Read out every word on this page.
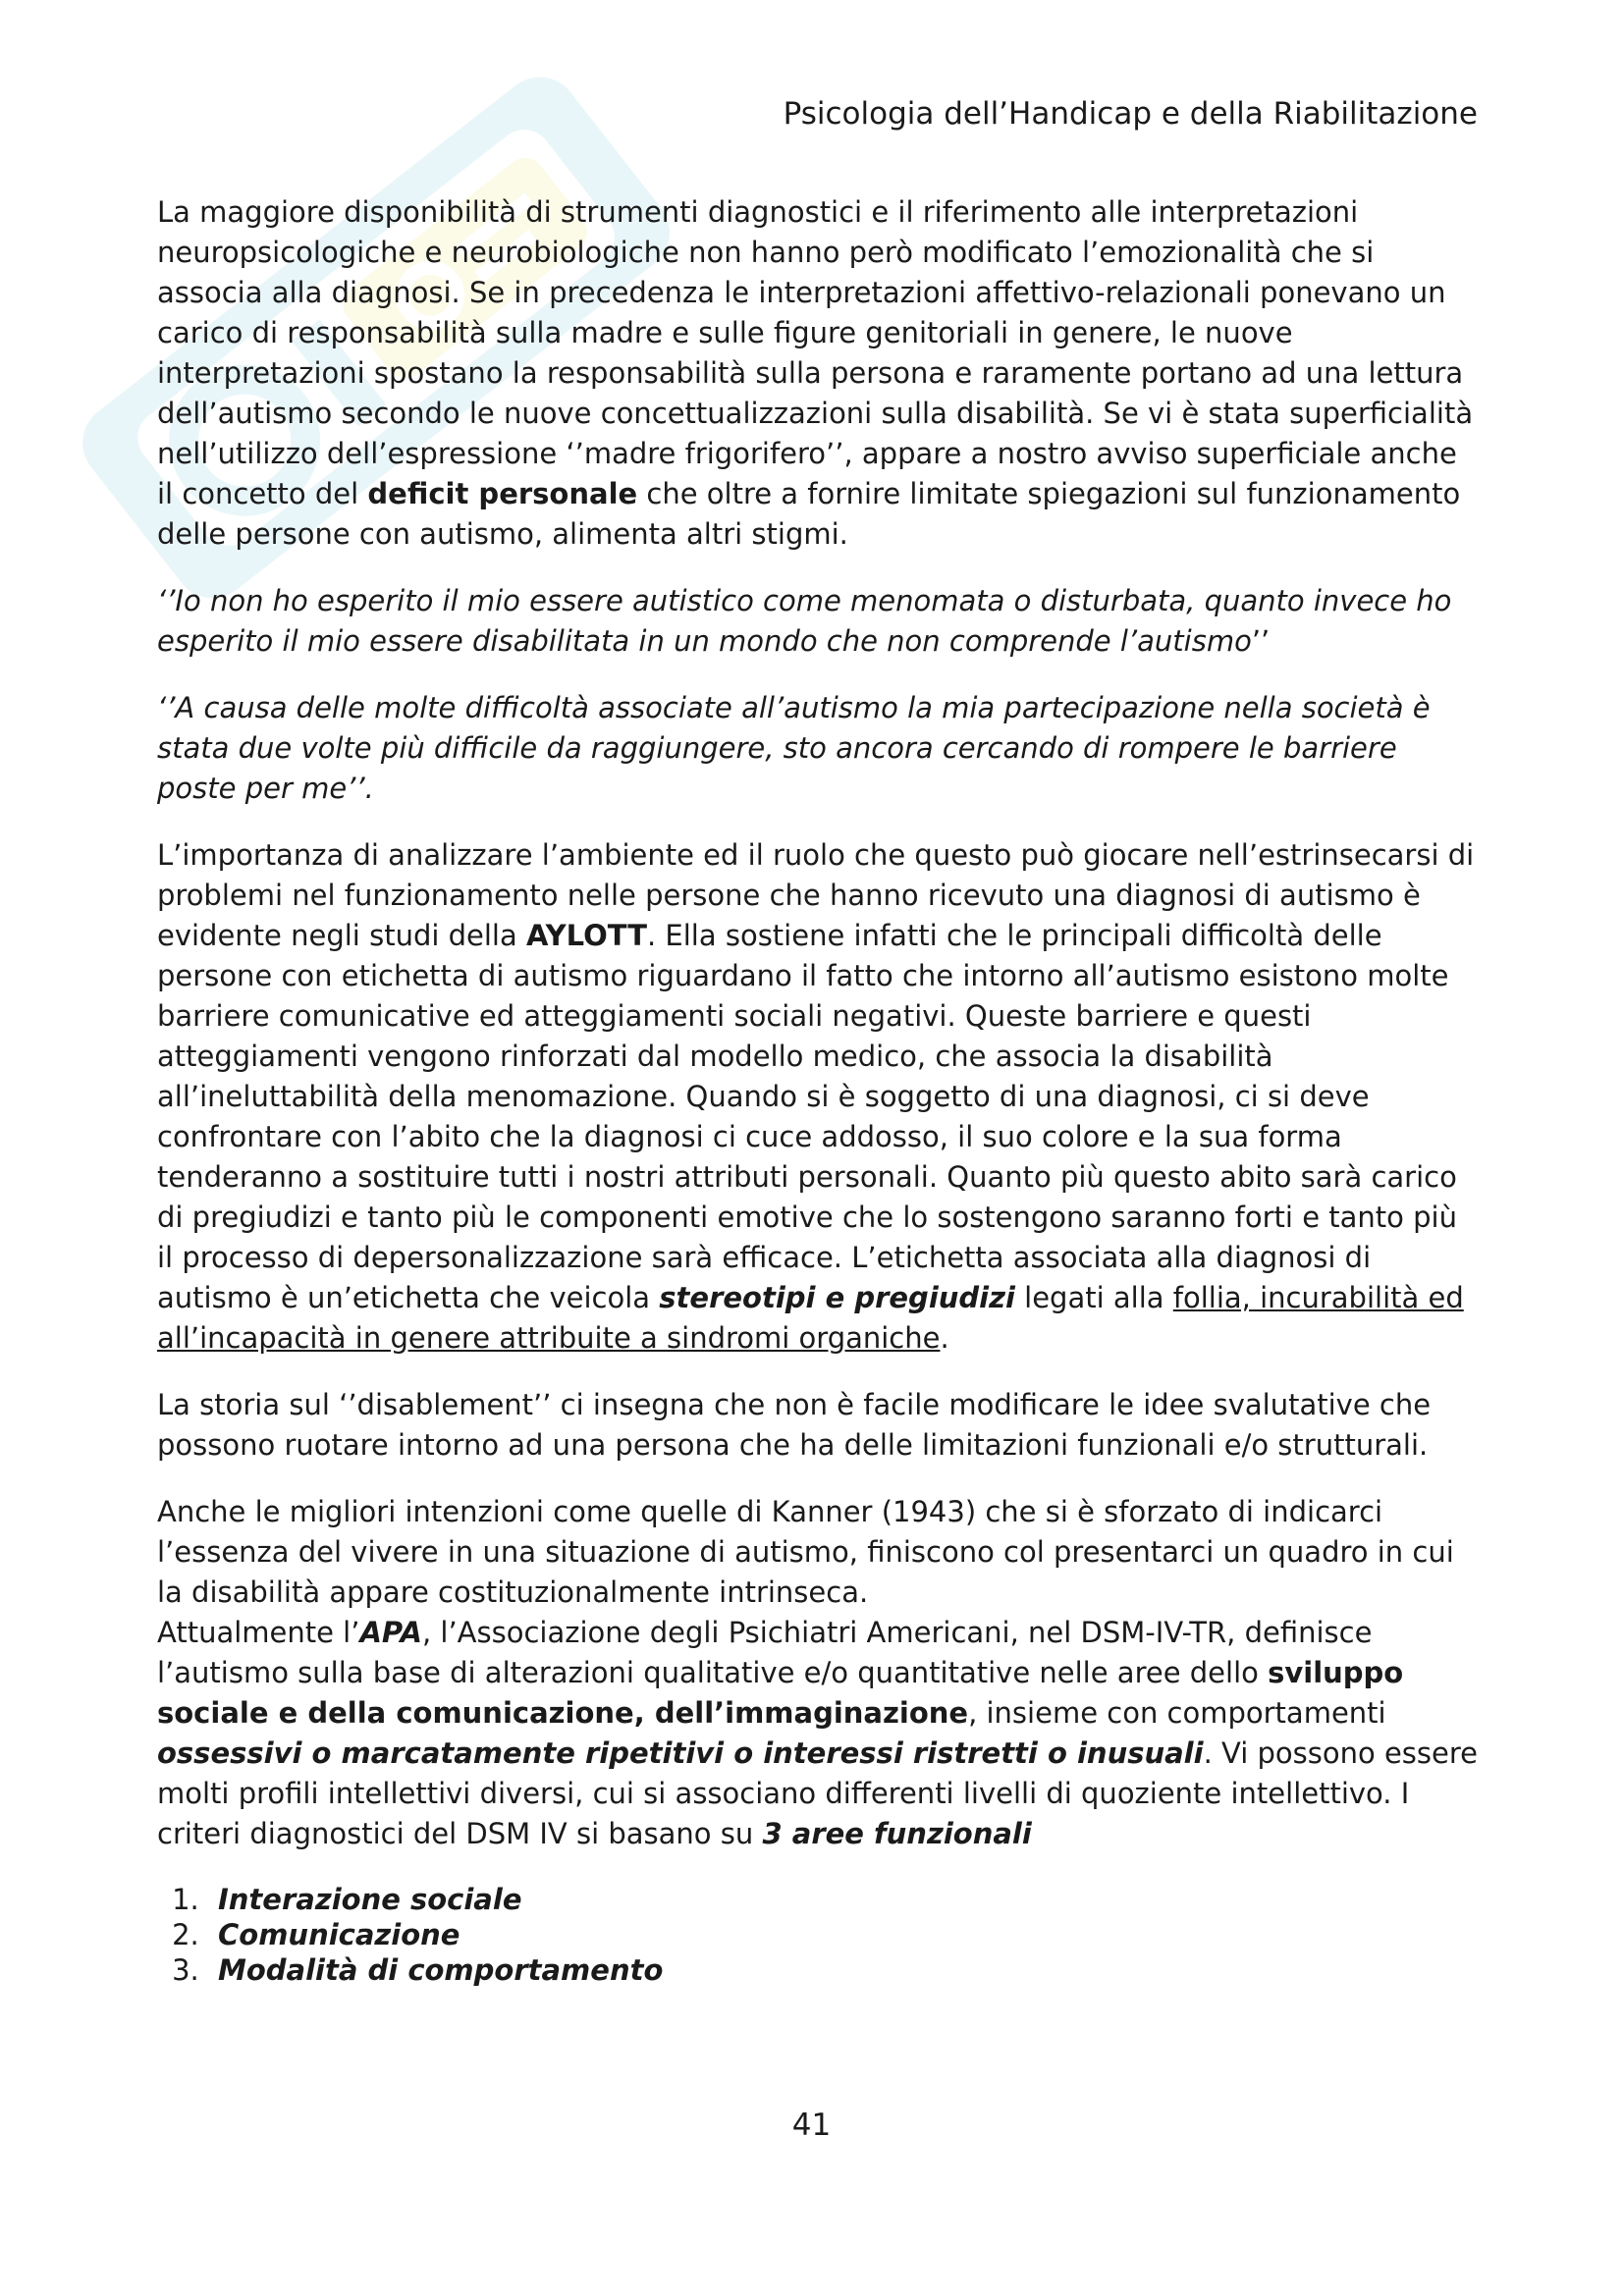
Psicologia dell’Handicap e della Riabilitazione

La maggiore disponibilità di strumenti diagnostici e il riferimento alle interpretazioni neuropsicologiche e neurobiologiche non hanno però modificato l’emozionalità che si associa alla diagnosi. Se in precedenza le interpretazioni affettivo-relazionali ponevano un carico di responsabilità sulla madre e sulle figure genitoriali in genere, le nuove interpretazioni spostano la responsabilità sulla persona e raramente portano ad una lettura dell’autismo secondo le nuove concettualizzazioni sulla disabilità. Se vi è stata superficialità nell’utilizzo dell’espressione ‘’madre frigorifero’’, appare a nostro avviso superficiale anche il concetto del deficit personale che oltre a fornire limitate spiegazioni sul funzionamento delle persone con autismo, alimenta altri stigmi.

‘’Io non ho esperito il mio essere autistico come menomata o disturbata, quanto invece ho esperito il mio essere disabilitata in un mondo che non comprende l’autismo’’

‘’A causa delle molte difficoltà associate all’autismo la mia partecipazione nella società è stata due volte più difficile da raggiungere, sto ancora cercando di rompere le barriere poste per me’’.

L’importanza di analizzare l’ambiente ed il ruolo che questo può giocare nell’estrinsecarsi di problemi nel funzionamento nelle persone che hanno ricevuto una diagnosi di autismo è evidente negli studi della AYLOTT. Ella sostiene infatti che le principali difficoltà delle persone con etichetta di autismo riguardano il fatto che intorno all’autismo esistono molte barriere comunicative ed atteggiamenti sociali negativi. Queste barriere e questi atteggiamenti vengono rinforzati dal modello medico, che associa la disabilità all’ineluttabilità della menomazione. Quando si è soggetto di una diagnosi, ci si deve confrontare con l’abito che la diagnosi ci cuce addosso, il suo colore e la sua forma tenderanno a sostituire tutti i nostri attributi personali. Quanto più questo abito sarà carico di pregiudizi e tanto più le componenti emotive che lo sostengono saranno forti e tanto più il processo di depersonalizzazione sarà efficace. L’etichetta associata alla diagnosi di autismo è un’etichetta che veicola stereotipi e pregiudizi legati alla follia, incurabilità ed all’incapacità in genere attribuite a sindromi organiche.

La storia sul ‘’disablement’’ ci insegna che non è facile modificare le idee svalutative che possono ruotare intorno ad una persona che ha delle limitazioni funzionali e/o strutturali.

Anche le migliori intenzioni come quelle di Kanner (1943) che si è sforzato di indicarci l’essenza del vivere in una situazione di autismo, finiscono col presentarci un quadro in cui la disabilità appare costituzionalmente intrinseca.

Attualmente l’APA, l’Associazione degli Psichiatri Americani, nel DSM-IV-TR, definisce l’autismo sulla base di alterazioni qualitative e/o quantitative nelle aree dello sviluppo sociale e della comunicazione, dell’immaginazione, insieme con comportamenti ossessivi o marcatamente ripetitivi o interessi ristretti o inusuali. Vi possono essere molti profili intellettivi diversi, cui si associano differenti livelli di quoziente intellettivo. I criteri diagnostici del DSM IV si basano su 3 aree funzionali

1. Interazione sociale
2. Comunicazione
3. Modalità di comportamento
41
